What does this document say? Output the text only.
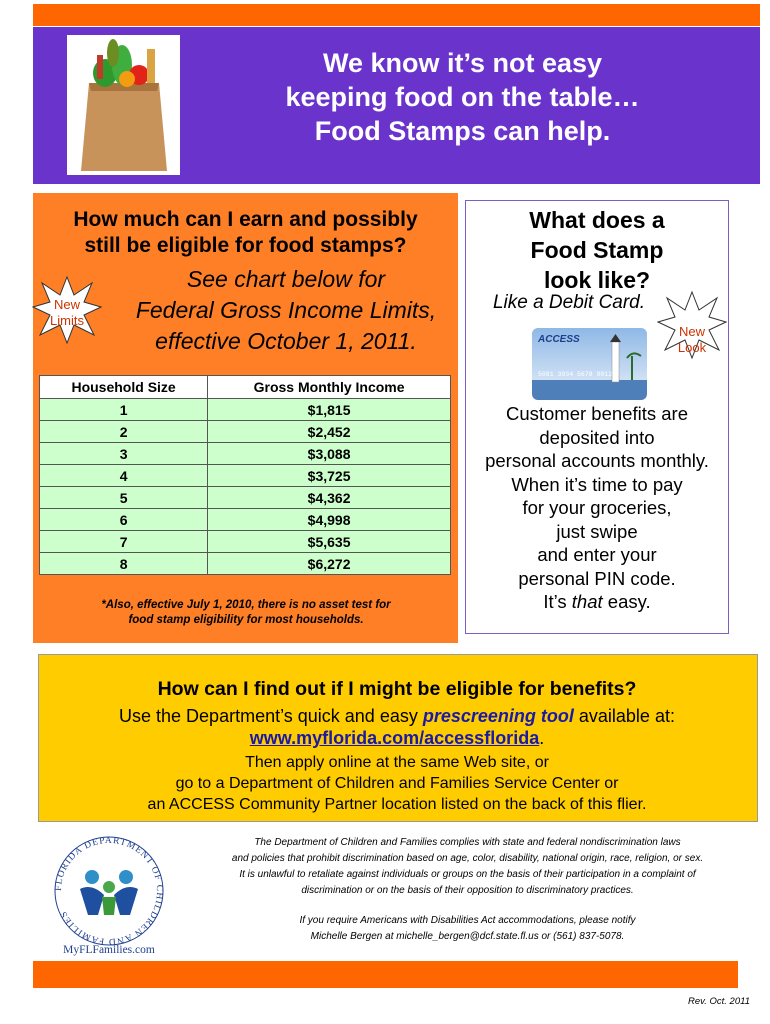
We know it’s not easy
keeping food on the table…
Food Stamps can help.
How much can I earn and possibly
still be eligible for food stamps?
See chart below for
Federal Gross Income Limits,
effective October 1, 2011.
New
Limits
Household Size	Gross Monthly Income
1	$1,815
2	$2,452
3	$3,088
4	$3,725
5	$4,362
6	$4,998
7	$5,635
8	$6,272
*Also, effective July 1, 2010, there is no asset test for
food stamp eligibility for most households.
What does a
Food Stamp
look like?
Like a Debit Card.
New
Look
ACCESS
5081 3934 5678 9012
Customer benefits are
deposited into
personal accounts monthly.
When it’s time to pay
for your groceries,
just swipe
and enter your
personal PIN code.
It’s that easy.
How can I find out if I might be eligible for benefits?
Use the Department’s quick and easy prescreening tool available at:
www.myflorida.com/accessflorida.
Then apply online at the same Web site, or
go to a Department of Children and Families Service Center or
an ACCESS Community Partner location listed on the back of this flier.
FLORIDA DEPARTMENT OF CHILDREN AND FAMILIES
MyFLFamilies.com
The Department of Children and Families complies with state and federal nondiscrimination laws
and policies that prohibit discrimination based on age, color, disability, national origin, race, religion, or sex.
It is unlawful to retaliate against individuals or groups on the basis of their participation in a complaint of
discrimination or on the basis of their opposition to discriminatory practices.
If you require Americans with Disabilities Act accommodations, please notify
Michelle Bergen at michelle_bergen@dcf.state.fl.us or (561) 837-5078.
Rev. Oct. 2011
